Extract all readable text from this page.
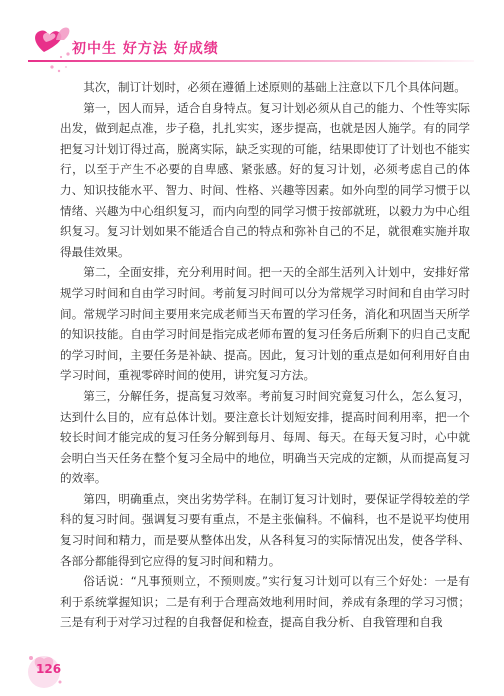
初中生 好方法 好成绩

其次，制订计划时，必须在遵循上述原则的基础上注意以下几个具体问题。

第一，因人而异，适合自身特点。复习计划必须从自己的能力、个性等实际出发，做到起点准，步子稳，扎扎实实，逐步提高，也就是因人施学。有的同学把复习计划订得过高，脱离实际，缺乏实现的可能，结果即使订了计划也不能实行，以至于产生不必要的自卑感、紧张感。好的复习计划，必须考虑自己的体力、知识技能水平、智力、时间、性格、兴趣等因素。如外向型的同学习惯于以情绪、兴趣为中心组织复习，而内向型的同学习惯于按部就班，以毅力为中心组织复习。复习计划如果不能适合自己的特点和弥补自己的不足，就很难实施并取得最佳效果。

第二，全面安排，充分利用时间。把一天的全部生活列入计划中，安排好常规学习时间和自由学习时间。考前复习时间可以分为常规学习时间和自由学习时间。常规学习时间主要用来完成老师当天布置的学习任务，消化和巩固当天所学的知识技能。自由学习时间是指完成老师布置的复习任务后所剩下的归自己支配的学习时间，主要任务是补缺、提高。因此，复习计划的重点是如何利用好自由学习时间，重视零碎时间的使用，讲究复习方法。

第三，分解任务，提高复习效率。考前复习时间究竟复习什么，怎么复习，达到什么目的，应有总体计划。要注意长计划短安排，提高时间利用率，把一个较长时间才能完成的复习任务分解到每月、每周、每天。在每天复习时，心中就会明白当天任务在整个复习全局中的地位，明确当天完成的定额，从而提高复习的效率。

第四，明确重点，突出劣势学科。在制订复习计划时，要保证学得较差的学科的复习时间。强调复习要有重点，不是主张偏科。不偏科，也不是说平均使用复习时间和精力，而是要从整体出发，从各科复习的实际情况出发，使各学科、各部分都能得到它应得的复习时间和精力。

俗话说：“凡事预则立，不预则废。”实行复习计划可以有三个好处：一是有利于系统掌握知识；二是有利于合理高效地利用时间，养成有条理的学习习惯；三是有利于对学习过程的自我督促和检查，提高自我分析、自我管理和自我

126
